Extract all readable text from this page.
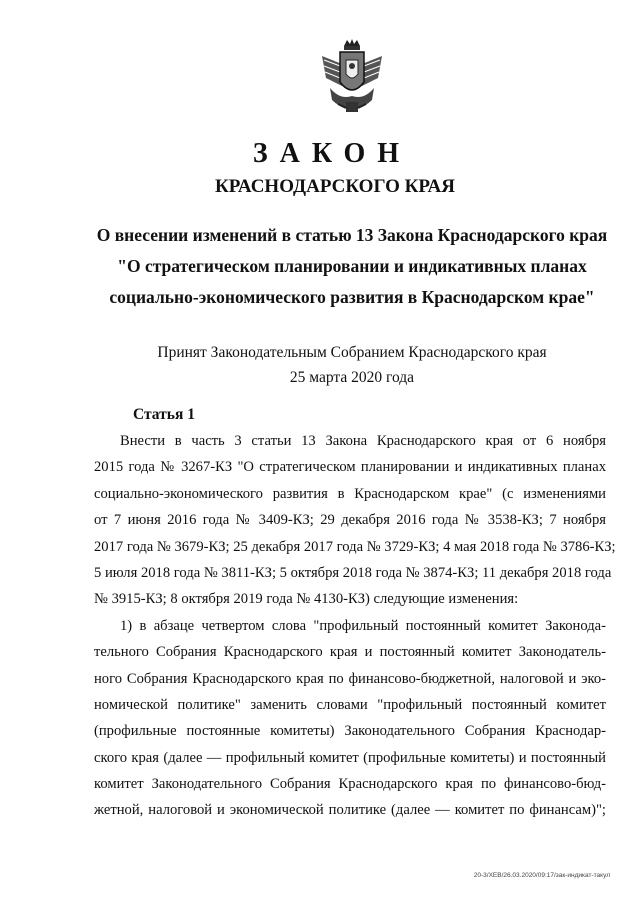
ЗАКОН
КРАСНОДАРСКОГО КРАЯ
О внесении изменений в статью 13 Закона Краснодарского края
"О стратегическом планировании и индикативных планах
социально-экономического развития в Краснодарском крае"
Принят Законодательным Собранием Краснодарского края
25 марта 2020 года
Статья 1
Внести в часть 3 статьи 13 Закона Краснодарского края от 6 ноября
2015 года № 3267-КЗ "О стратегическом планировании и индикативных планах
социально-экономического развития в Краснодарском крае" (с изменениями
от 7 июня 2016 года № 3409-КЗ; 29 декабря 2016 года № 3538-КЗ; 7 ноября
2017 года № 3679-КЗ; 25 декабря 2017 года № 3729-КЗ; 4 мая 2018 года № 3786-КЗ;
5 июля 2018 года № 3811-КЗ; 5 октября 2018 года № 3874-КЗ; 11 декабря 2018 года
№ 3915-КЗ; 8 октября 2019 года № 4130-КЗ) следующие изменения:
1) в абзаце четвертом слова "профильный постоянный комитет Законода-
тельного Собрания Краснодарского края и постоянный комитет Законодатель-
ного Собрания Краснодарского края по финансово-бюджетной, налоговой и эко-
номической политике" заменить словами "профильный постоянный комитет
(профильные постоянные комитеты) Законодательного Собрания Краснодар-
ского края (далее — профильный комитет (профильные комитеты) и постоянный
комитет Законодательного Собрания Краснодарского края по финансово-бюд-
жетной, налоговой и экономической политике (далее — комитет по финансам)";
20-3/XEB/26.03.2020/09:17/зак-индикат-такул
